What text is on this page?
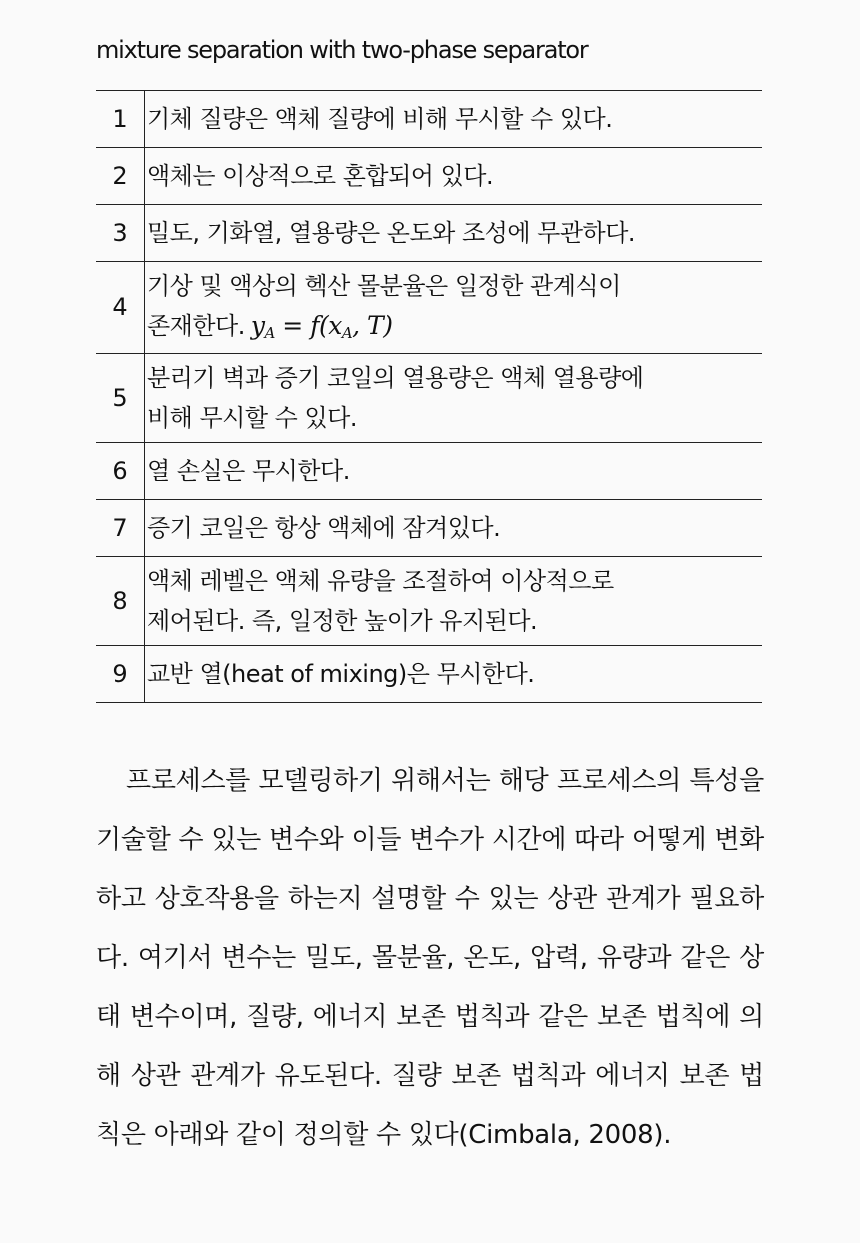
mixture separation with two-phase separator
1	기체 질량은 액체 질량에 비해 무시할 수 있다.
2	액체는 이상적으로 혼합되어 있다.
3	밀도, 기화열, 열용량은 온도와 조성에 무관하다.
4	기상 및 액상의 헥산 몰분율은 일정한 관계식이
존재한다. $y_A = f(x_A$, T)

5	분리기 벽과 증기 코일의 열용량은 액체 열용량에
비해 무시할 수 있다.

6	열 손실은 무시한다.
7	증기 코일은 항상 액체에 잠겨있다.
8	액체 레벨은 액체 유량을 조절하여 이상적으로
제어된다. 즉, 일정한 높이가 유지된다.

9	교반 열(heat of mixing)은 무시한다.

프로세스를 모델링하기 위해서는 해당 프로세스의 특성을 기술할 수 있는 변수와 이들 변수가 시간에 따라 어떻게 변화하고 상호작용을 하는지 설명할 수 있는 상관 관계가 필요하다. 여기서 변수는 밀도, 몰분율, 온도, 압력, 유량과 같은 상태 변수이며, 질량, 에너지 보존 법칙과 같은 보존 법칙에 의해 상관 관계가 유도된다. 질량 보존 법칙과 에너지 보존 법칙은 아래와 같이 정의할 수 있다(Cimbala, 2008).
